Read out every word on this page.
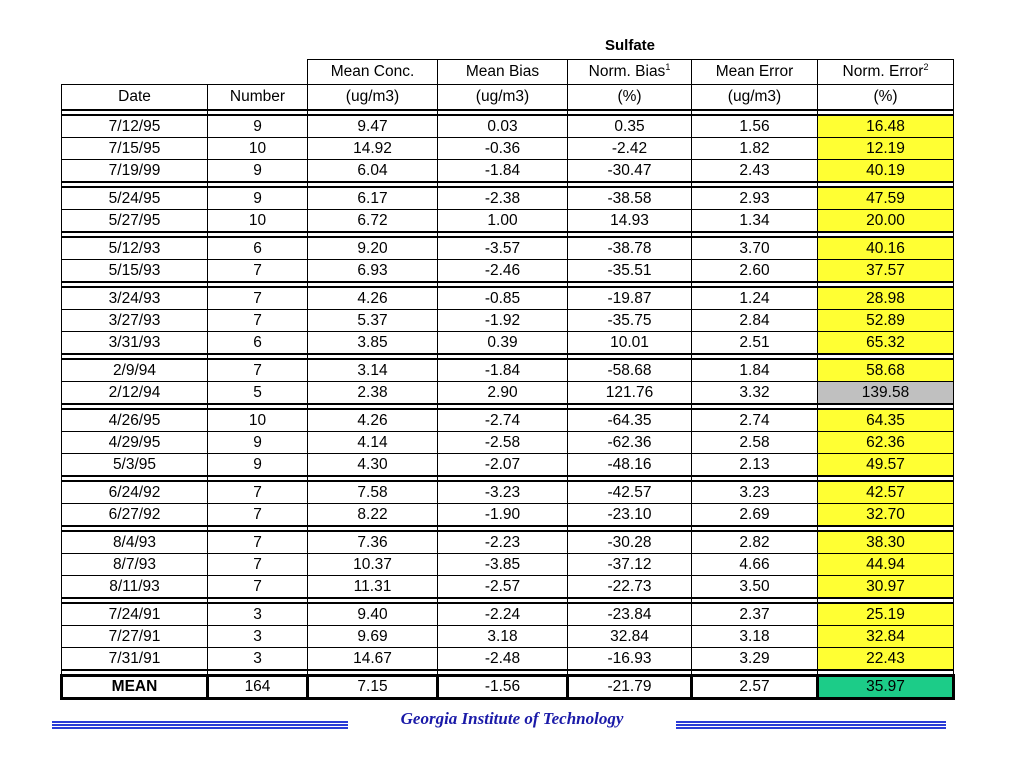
Sulfate
		Mean Conc.	Mean Bias	Norm. Bias$^1$	Mean Error	Norm. Error$^2$
Date	Number	(ug/m3)	(ug/m3)	(%)	(ug/m3)	(%)

7/12/95	9	9.47	0.03	0.35	1.56	16.48
7/15/95	10	14.92	-0.36	-2.42	1.82	12.19
7/19/99	9	6.04	-1.84	-30.47	2.43	40.19

5/24/95	9	6.17	-2.38	-38.58	2.93	47.59
5/27/95	10	6.72	1.00	14.93	1.34	20.00

5/12/93	6	9.20	-3.57	-38.78	3.70	40.16
5/15/93	7	6.93	-2.46	-35.51	2.60	37.57

3/24/93	7	4.26	-0.85	-19.87	1.24	28.98
3/27/93	7	5.37	-1.92	-35.75	2.84	52.89
3/31/93	6	3.85	0.39	10.01	2.51	65.32

2/9/94	7	3.14	-1.84	-58.68	1.84	58.68
2/12/94	5	2.38	2.90	121.76	3.32	139.58

4/26/95	10	4.26	-2.74	-64.35	2.74	64.35
4/29/95	9	4.14	-2.58	-62.36	2.58	62.36
5/3/95	9	4.30	-2.07	-48.16	2.13	49.57

6/24/92	7	7.58	-3.23	-42.57	3.23	42.57
6/27/92	7	8.22	-1.90	-23.10	2.69	32.70

8/4/93	7	7.36	-2.23	-30.28	2.82	38.30
8/7/93	7	10.37	-3.85	-37.12	4.66	44.94
8/11/93	7	11.31	-2.57	-22.73	3.50	30.97

7/24/91	3	9.40	-2.24	-23.84	2.37	25.19
7/27/91	3	9.69	3.18	32.84	3.18	32.84
7/31/91	3	14.67	-2.48	-16.93	3.29	22.43

MEAN	164	7.15	-1.56	-21.79	2.57	35.97
Georgia Institute of Technology
